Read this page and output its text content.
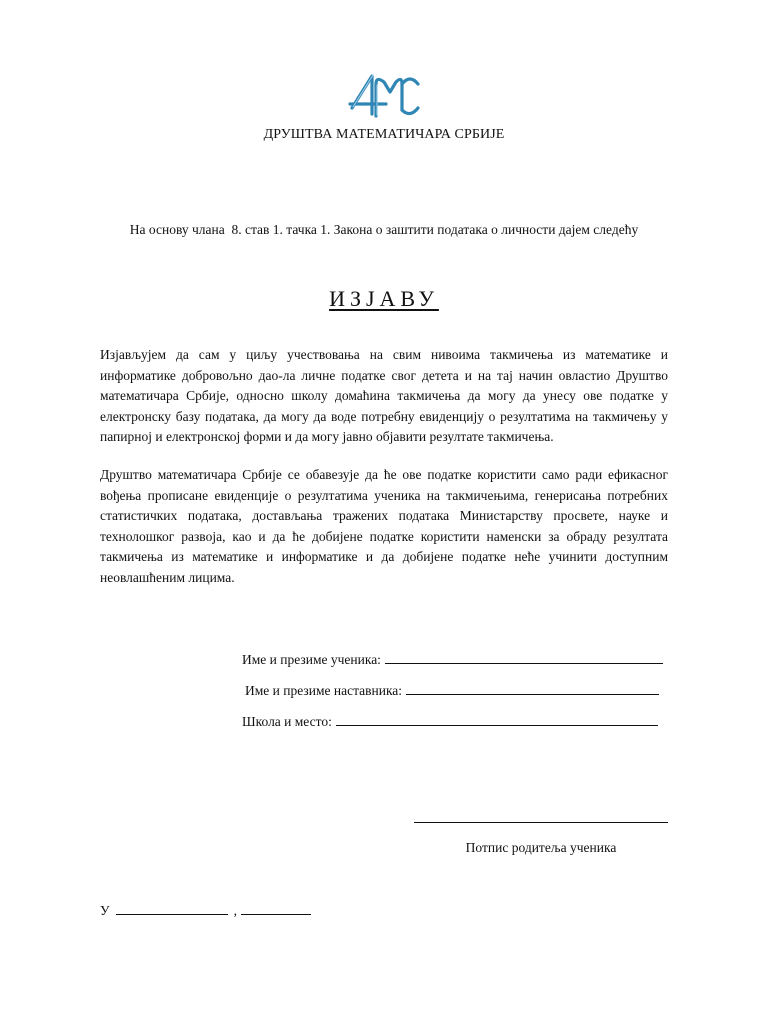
ДРУШТВА МАТЕМАТИЧАРА СРБИЈЕ
На основу члана  8. став 1. тачка 1. Закона о заштити података о личности дајем следећу
ИЗЈАВУ

Изјављујем да сам у циљу учествовања на свим нивоима такмичења из математике и информатике добровољно дао-ла личне податке свог детета и на тај начин овластио Друштво математичара Србије, односно школу домаћина такмичења да могу да унесу ове податке у електронску базу података, да могу да воде потребну евиденцију о резултатима на такмичењу у папирној и електронској форми и да могу јавно објавити резултате такмичења.

Друштво математичара Србије се обавезује да ће ове податке користити само ради ефикасног вођења прописане евиденције о резултатима ученика на такмичењима, генерисања потребних статистичких података, достављања тражених података Министарству просвете, науке и технолошког развоја, као и да ће добијене податке користити наменски за обраду резултата такмичења из математике и информатике и да добијене податке неће учинити доступним неовлашћеним лицима.

Име и презиме ученика:
Име и презиме наставника:
Школа и место:
Потпис родитеља ученика
У	,
